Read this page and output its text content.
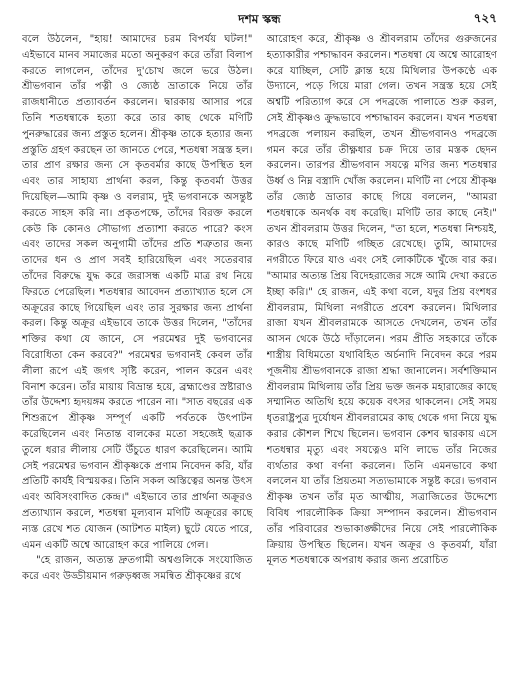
দশম স্কন্ধ	৭২৭

বলে উঠলেন, "হায়! আমাদের চরম বিপর্যয় ঘটল!" এইভাবে মানব সমাজের মতো অনুকরণ করে তাঁরা বিলাপ করতে লাগলেন, তাঁদের দু'চোখ জলে ভরে উঠল। শ্রীভগবান তাঁর পত্নী ও জ্যেষ্ঠ ভ্রাতাকে নিয়ে তাঁর রাজধানীতে প্রত্যাবর্তন করলেন। দ্বারকায় আসার পরে তিনি শতধন্বাকে হত্যা করে তার কাছ থেকে মণিটি পুনরুদ্ধারের জন্য প্রস্তুত হলেন। শ্রীকৃষ্ণ তাকে হত্যার জন্য প্রস্তুতি গ্রহণ করছেন তা জানতে পেরে, শতধন্বা সন্ত্রস্ত হল। তার প্রাণ রক্ষার জন্য সে কৃতবর্মার কাছে উপস্থিত হল এবং তার সাহায্য প্রার্থনা করল, কিন্তু কৃতবর্মা উত্তর দিয়েছিল—আমি কৃষ্ণ ও বলরাম, দুই ভগবানকে অসন্তুষ্ট করতে সাহস করি না। প্রকৃতপক্ষে, তাঁদের বিরক্ত করলে কেউ কি কোনও সৌভাগ্য প্রত্যাশা করতে পারে? কংস এবং তাদের সকল অনুগামী তাঁদের প্রতি শত্রুতার জন্য তাদের ধন ও প্রাণ সবই হারিয়েছিল এবং সতেরবার তাঁদের বিরুদ্ধে যুদ্ধ করে জরাসন্ধ একটি মাত্র রথ নিয়ে ফিরতে পেরেছিল। শতধন্বার আবেদন প্রত্যাখ্যাত হলে সে অক্রূরের কাছে গিয়েছিল এবং তার সুরক্ষার জন্য প্রার্থনা করল। কিন্তু অক্রূর এইভাবে তাকে উত্তর দিলেন, "তাঁদের শক্তির কথা যে জানে, সে পরমেশ্বর দুই ভগবানের বিরোধিতা কেন করবে?" পরমেশ্বর ভগবানই কেবল তাঁর লীলা রূপে এই জগৎ সৃষ্টি করেন, পালন করেন এবং বিনাশ করেন। তাঁর মায়ায় বিভ্রান্ত হয়ে, ব্রহ্মাণ্ডের স্রষ্টারাও তাঁর উদ্দেশ্য হৃদয়ঙ্গম করতে পারেন না। "সাত বছরের এক শিশুরূপে শ্রীকৃষ্ণ সম্পূর্ণ একটি পর্বতকে উৎপাটন করেছিলেন এবং নিতান্ত বালকের মতো সহজেই ছত্রাক তুলে ধরার লীলায় সেটি উঁচুতে ধারণ করেছিলেন। আমি সেই পরমেশ্বর ভগবান শ্রীকৃষ্ণকে প্রণাম নিবেদন করি, যাঁর প্রতিটি কার্যই বিস্ময়কর। তিনি সকল অস্তিত্বের অনন্ত উৎস এবং অবিসংবাদিত কেন্দ্র।" এইভাবে তার প্রার্থনা অক্রূরও প্রত্যাখ্যান করলে, শতধন্বা মূল্যবান মণিটি অক্রূরের কাছে ন্যস্ত রেখে শত যোজন (আটশত মাইল) ছুটে যেতে পারে, এমন একটি অশ্বে আরোহণ করে পালিয়ে গেল।

"হে রাজন, অত্যন্ত দ্রুতগামী অশ্বগুলিকে সংযোজিত করে এবং উড্ডীয়মান গরুড়ধ্বজ সমন্বিত শ্রীকৃষ্ণের রথে

আরোহণ করে, শ্রীকৃষ্ণ ও শ্রীবলরাম তাঁদের গুরুজনের হত্যাকারীর পশ্চাদ্ধাবন করলেন। শতধন্বা যে অশ্বে আরোহণ করে যাচ্ছিল, সেটি ক্লান্ত হয়ে মিথিলার উপকণ্ঠে এক উদ্যানে, পড়ে গিয়ে মারা গেল। তখন সন্ত্রস্ত হয়ে সেই অশ্বটি পরিত্যাগ করে সে পদব্রজে পালাতে শুরু করল, সেই শ্রীকৃষ্ণও ক্রুদ্ধভাবে পশ্চাদ্ধাবন করলেন। যখন শতধন্বা পদব্রজে পলায়ন করছিল, তখন শ্রীভগবানও পদব্রজে গমন করে তাঁর তীক্ষ্ণধার চক্র দিয়ে তার মস্তক ছেদন করলেন। তারপর শ্রীভগবান সযত্নে মণির জন্য শতধন্বার উর্ধ্ব ও নিম্ন বস্ত্রাদি খোঁজ করলেন। মণিটি না পেয়ে শ্রীকৃষ্ণ তাঁর জ্যেষ্ঠ ভ্রাতার কাছে গিয়ে বললেন, "আমরা শতধন্বাকে অনর্থক বধ করেছি। মণিটি তার কাছে নেই।" তখন শ্রীবলরাম উত্তর দিলেন, "তা হলে, শতধন্বা নিশ্চয়ই, কারও কাছে মণিটি গচ্ছিত রেখেছে। তুমি, আমাদের নগরীতে ফিরে যাও এবং সেই লোকটিকে খুঁজে বার কর। "আমার অত্যন্ত প্রিয় বিদেহরাজের সঙ্গে আমি দেখা করতে ইচ্ছা করি।" হে রাজন, এই কথা বলে, যদুর প্রিয় বংশধর শ্রীবলরাম, মিথিলা নগরীতে প্রবেশ করলেন। মিথিলার রাজা যখন শ্রীবলরামকে আসতে দেখলেন, তখন তাঁর আসন থেকে উঠে দাঁড়ালেন। পরম প্রীতি সহকারে তাঁকে শাস্ত্রীয় বিধিমতো যথাবিহিত অর্চনাদি নিবেদন করে পরম পূজনীয় শ্রীভগবানকে রাজা শ্রদ্ধা জানালেন। সর্বশক্তিমান শ্রীবলরাম মিথিলায় তাঁর প্রিয় ভক্ত জনক মহারাজের কাছে সম্মানিত অতিথি হয়ে কয়েক বৎসর থাকলেন। সেই সময় ধৃতরাষ্ট্রপুত্র দুর্যোধন শ্রীবলরামের কাছ থেকে গদা নিয়ে যুদ্ধ করার কৌশল শিখে ছিলেন। ভগবান কেশব দ্বারকায় এসে শতধন্বার মৃত্যু এবং সযত্নেও মণি লাভে তাঁর নিজের ব্যর্থতার কথা বর্ণনা করলেন। তিনি এমনভাবে কথা বললেন যা তাঁর প্রিয়তমা সত্যভামাকে সন্তুষ্ট করে। ভগবান শ্রীকৃষ্ণ তখন তাঁর মৃত আত্মীয়, সত্রাজিতের উদ্দেশ্যে বিবিধ পারলৌকিক ক্রিয়া সম্পাদন করলেন। শ্রীভগবান তাঁর পরিবারের শুভাকাঙ্ক্ষীদের নিয়ে সেই পারলৌকিক ক্রিয়ায় উপস্থিত ছিলেন। যখন অক্রূর ও কৃতবর্মা, যাঁরা মূলত শতধন্বাকে অপরাধ করার জন্য প্ররোচিত
